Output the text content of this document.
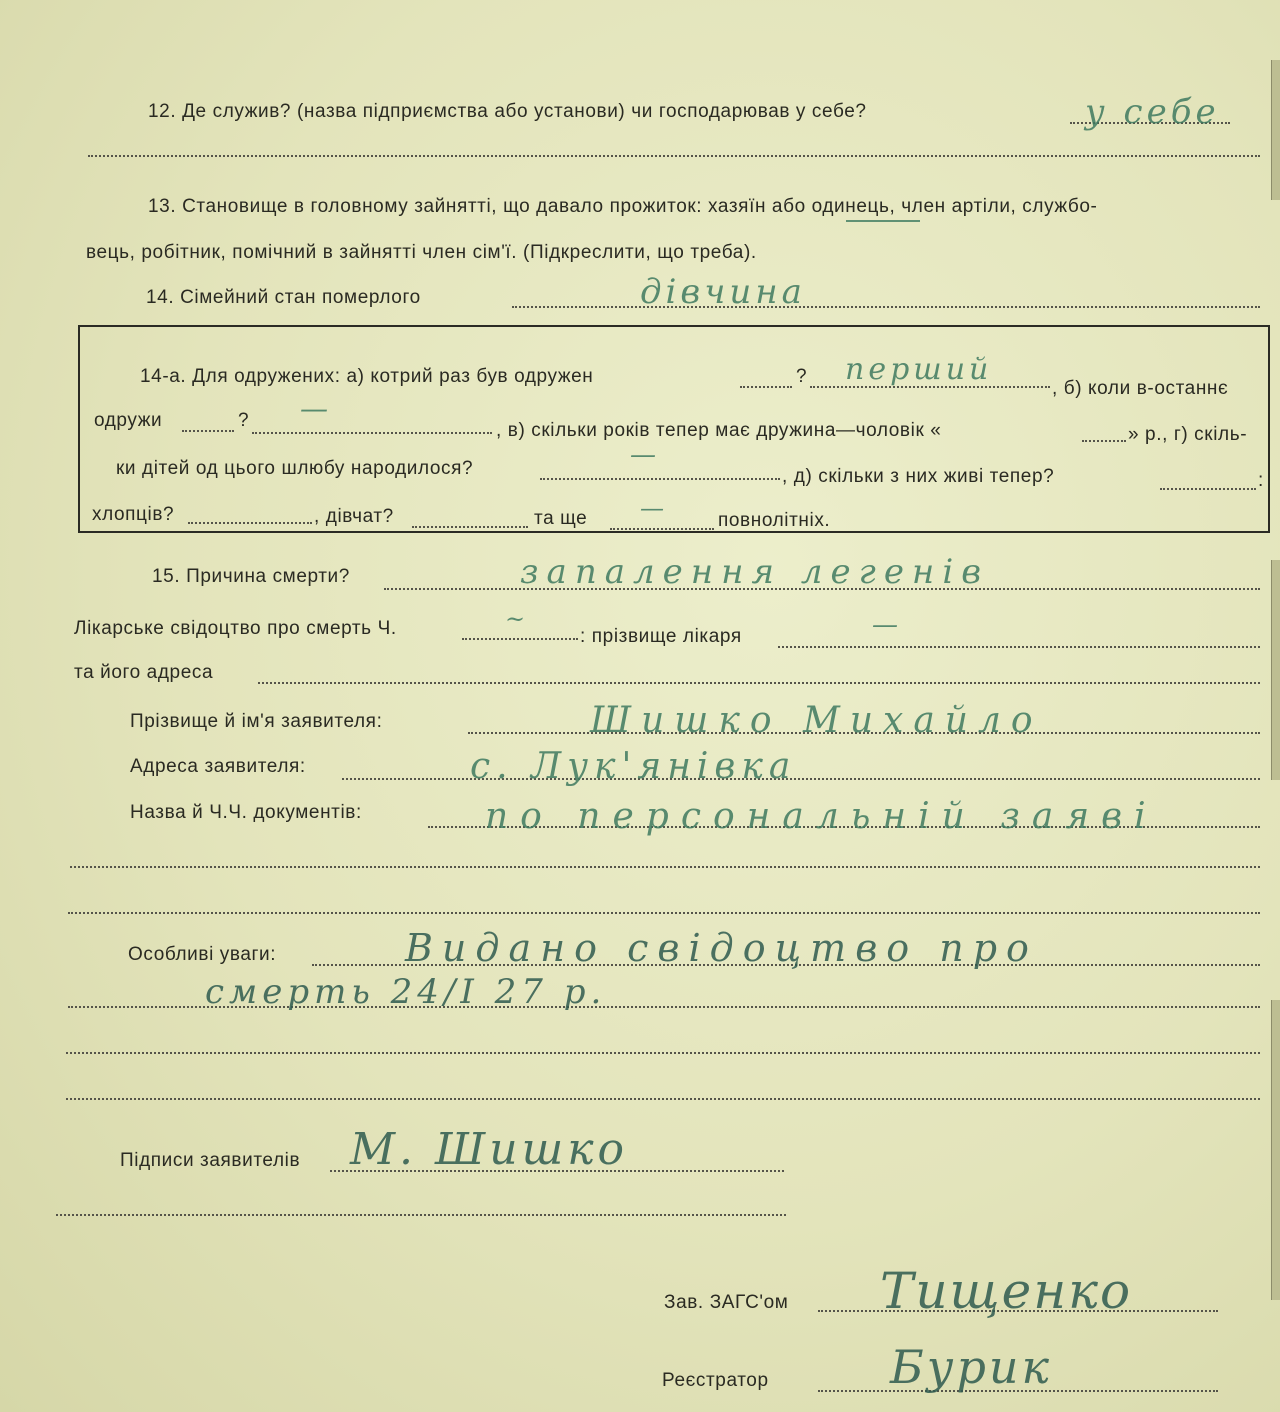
12. Де служив? (назва підприємства або установи) чи господарював у себе?	у себе
13. Становище в головному зайнятті, що давало прожиток: хазяїн або одинець, член артіли, службо-
вець, робітник, помічний в зайнятті член сім'ї. (Підкреслити, що треба).
14. Сімейний стан померлого	дівчина
14-а. Для одружених: а) котрий раз був одружен	? перший
, б) коли в-останнє
одружи	? —
, в) скільки років тепер має дружина—чоловік «	» р., г) скіль-
ки дітей од цього шлюбу народилося?	—
, д) скільки з них живі тепер?	:
хлопців?	, дівчат?	та ще —	повнолітніх.
15. Причина смерти?	запалення легенів
Лікарське свідоцтво про смерть Ч.	~
: прізвище лікаря	—
та його адреса
Прізвище й ім'я заявителя:	Шишко Михайло
Адреса заявителя:	с. Лук'янівка
Назва й Ч.Ч. документів:	по персональній заяві
Особливі уваги:	Видано свідоцтво про
смерть 24/I 27 р.
Підписи заявителів М. Шишко
Зав. ЗАГС'ом Тищенко
Реєстратор	Бурик
